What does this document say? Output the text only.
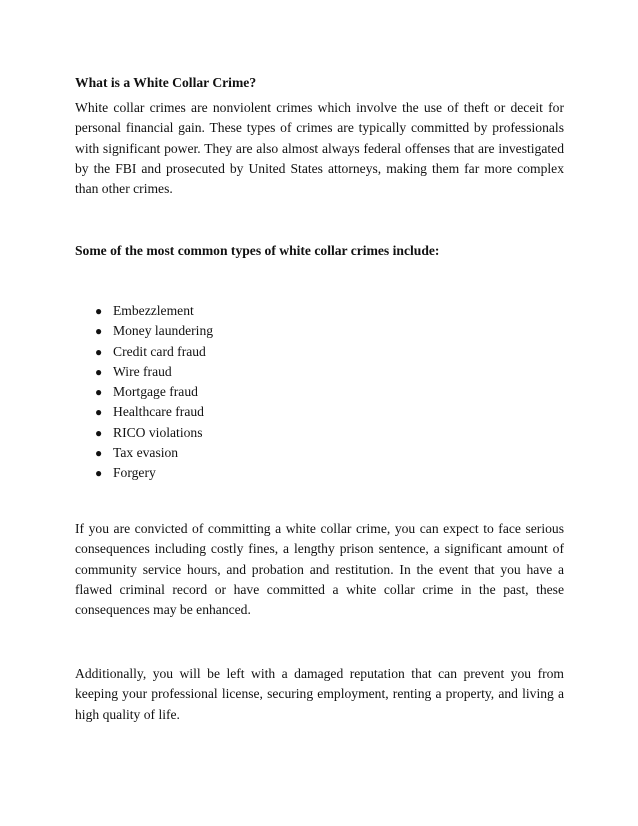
What is a White Collar Crime?

White collar crimes are nonviolent crimes which involve the use of theft or deceit for personal financial gain. These types of crimes are typically committed by professionals with significant power. They are also almost always federal offenses that are investigated by the FBI and prosecuted by United States attorneys, making them far more complex than other crimes.

Some of the most common types of white collar crimes include:
● Embezzlement
● Money laundering
● Credit card fraud
● Wire fraud
● Mortgage fraud
● Healthcare fraud
● RICO violations
● Tax evasion
● Forgery

If you are convicted of committing a white collar crime, you can expect to face serious consequences including costly fines, a lengthy prison sentence, a significant amount of community service hours, and probation and restitution. In the event that you have a flawed criminal record or have committed a white collar crime in the past, these consequences may be enhanced.

Additionally, you will be left with a damaged reputation that can prevent you from keeping your professional license, securing employment, renting a property, and living a high quality of life.
